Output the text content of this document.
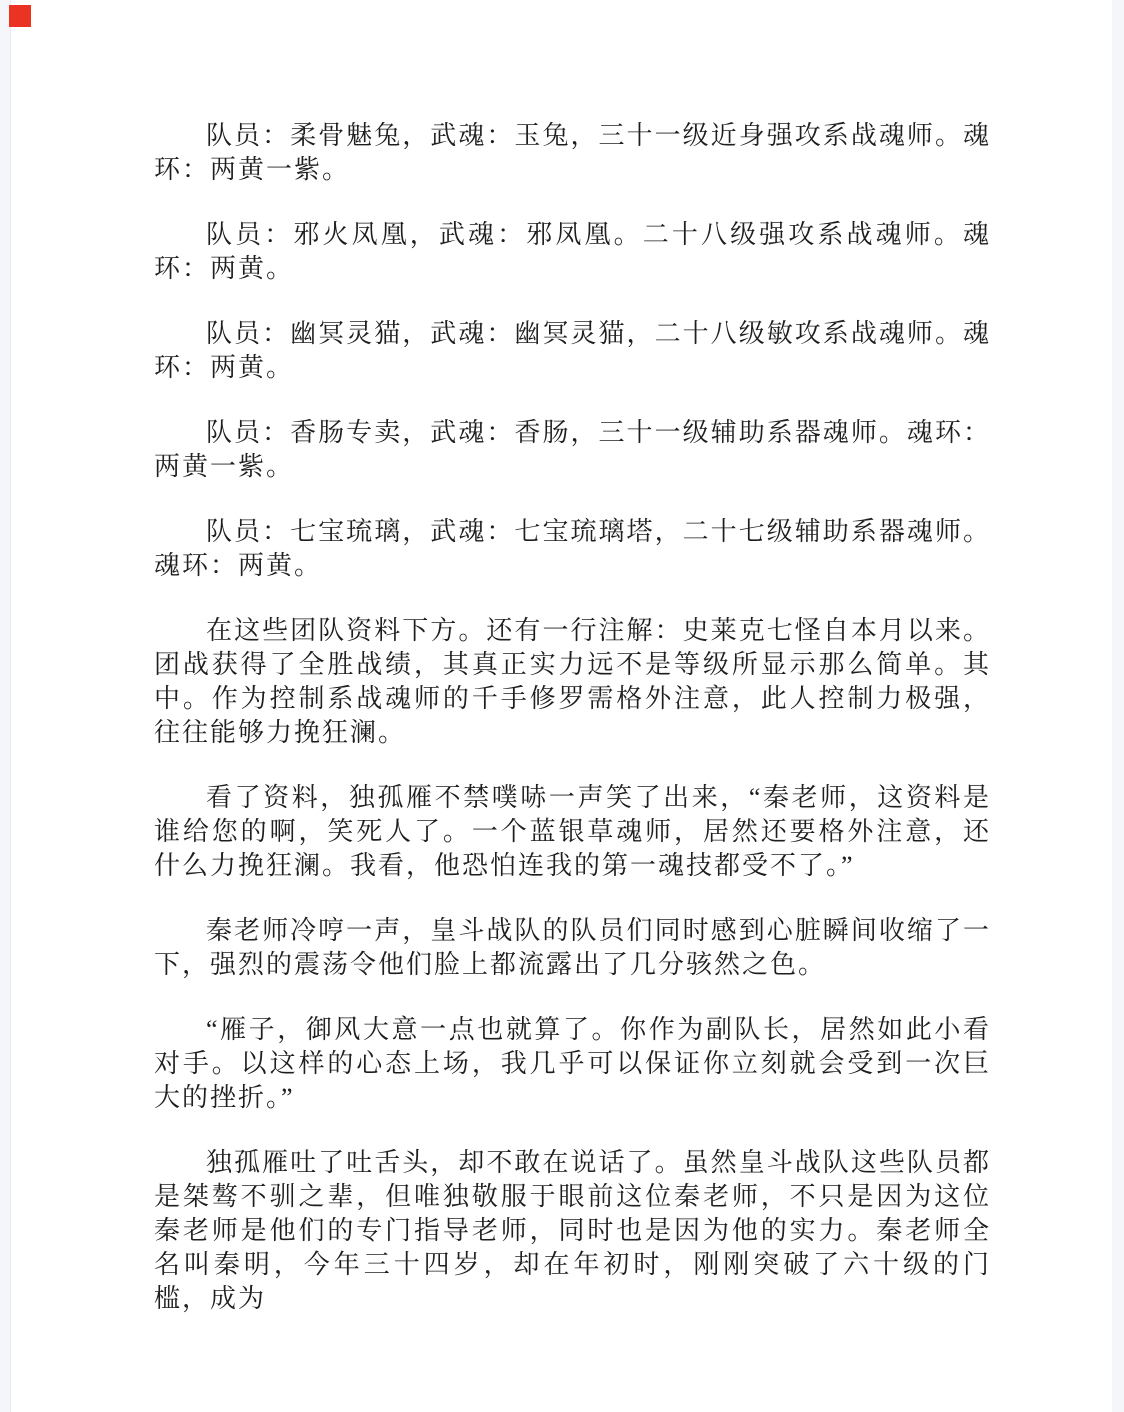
队员：柔骨魅兔，武魂：玉兔，三十一级近身强攻系战魂师。魂环：两黄一紫。

队员：邪火凤凰，武魂：邪凤凰。二十八级强攻系战魂师。魂环：两黄。

队员：幽冥灵猫，武魂：幽冥灵猫，二十八级敏攻系战魂师。魂环：两黄。

队员：香肠专卖，武魂：香肠，三十一级辅助系器魂师。魂环：两黄一紫。

队员：七宝琉璃，武魂：七宝琉璃塔，二十七级辅助系器魂师。魂环：两黄。

在这些团队资料下方。还有一行注解：史莱克七怪自本月以来。团战获得了全胜战绩，其真正实力远不是等级所显示那么简单。其中。作为控制系战魂师的千手修罗需格外注意，此人控制力极强，往往能够力挽狂澜。

看了资料，独孤雁不禁噗哧一声笑了出来，“秦老师，这资料是谁给您的啊，笑死人了。一个蓝银草魂师，居然还要格外注意，还什么力挽狂澜。我看，他恐怕连我的第一魂技都受不了。”

秦老师冷哼一声，皇斗战队的队员们同时感到心脏瞬间收缩了一下，强烈的震荡令他们脸上都流露出了几分骇然之色。

“雁子，御风大意一点也就算了。你作为副队长，居然如此小看对手。以这样的心态上场，我几乎可以保证你立刻就会受到一次巨大的挫折。”

独孤雁吐了吐舌头，却不敢在说话了。虽然皇斗战队这些队员都是桀骜不驯之辈，但唯独敬服于眼前这位秦老师，不只是因为这位秦老师是他们的专门指导老师，同时也是因为他的实力。秦老师全名叫秦明，今年三十四岁，却在年初时，刚刚突破了六十级的门槛，成为
